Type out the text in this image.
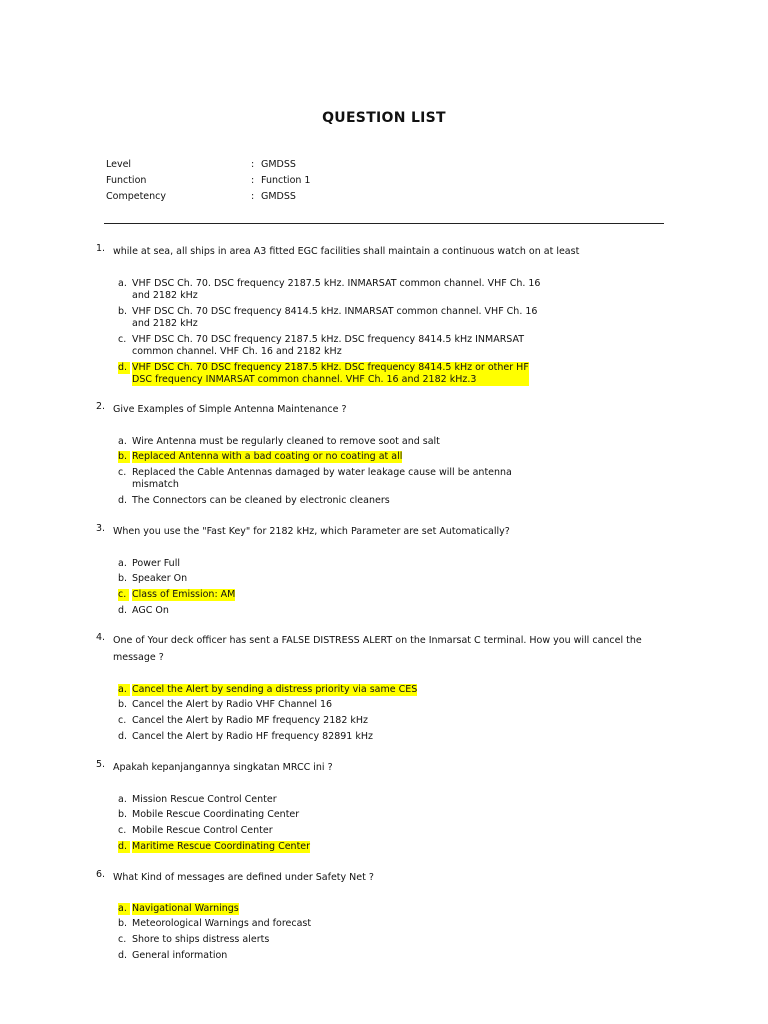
QUESTION LIST
Level	: GMDSS
Function	: Function 1
Competency	: GMDSS
1. while at sea, all ships in area A3 fitted EGC facilities shall maintain a continuous watch on at least
a. VHF DSC Ch. 70. DSC frequency 2187.5 kHz. INMARSAT common channel. VHF Ch. 16
and 2182 kHz
b. VHF DSC Ch. 70 DSC frequency 8414.5 kHz. INMARSAT common channel. VHF Ch. 16
and 2182 kHz
c. VHF DSC Ch. 70 DSC frequency 2187.5 kHz. DSC frequency 8414.5 kHz INMARSAT
common channel. VHF Ch. 16 and 2182 kHz
d. VHF DSC Ch. 70 DSC frequency 2187.5 kHz. DSC frequency 8414.5 kHz or other HF
DSC frequency INMARSAT common channel. VHF Ch. 16 and 2182 kHz.3
2. Give Examples of Simple Antenna Maintenance ?
a. Wire Antenna must be regularly cleaned to remove soot and salt
b. Replaced Antenna with a bad coating or no coating at all
c. Replaced the Cable Antennas damaged by water leakage cause will be antenna
mismatch
d. The Connectors can be cleaned by electronic cleaners
3. When you use the "Fast Key" for 2182 kHz, which Parameter are set Automatically?
a. Power Full
b. Speaker On
c. Class of Emission: AM
d. AGC On
4. One of Your deck officer has sent a FALSE DISTRESS ALERT on the Inmarsat C terminal. How you will cancel the message ?
a. Cancel the Alert by sending a distress priority via same CES
b. Cancel the Alert by Radio VHF Channel 16
c. Cancel the Alert by Radio MF frequency 2182 kHz
d. Cancel the Alert by Radio HF frequency 82891 kHz
5. Apakah kepanjangannya singkatan MRCC ini ?
a. Mission Rescue Control Center
b. Mobile Rescue Coordinating Center
c. Mobile Rescue Control Center
d. Maritime Rescue Coordinating Center
6. What Kind of messages are defined under Safety Net ?
a. Navigational Warnings
b. Meteorological Warnings and forecast
c. Shore to ships distress alerts
d. General information
